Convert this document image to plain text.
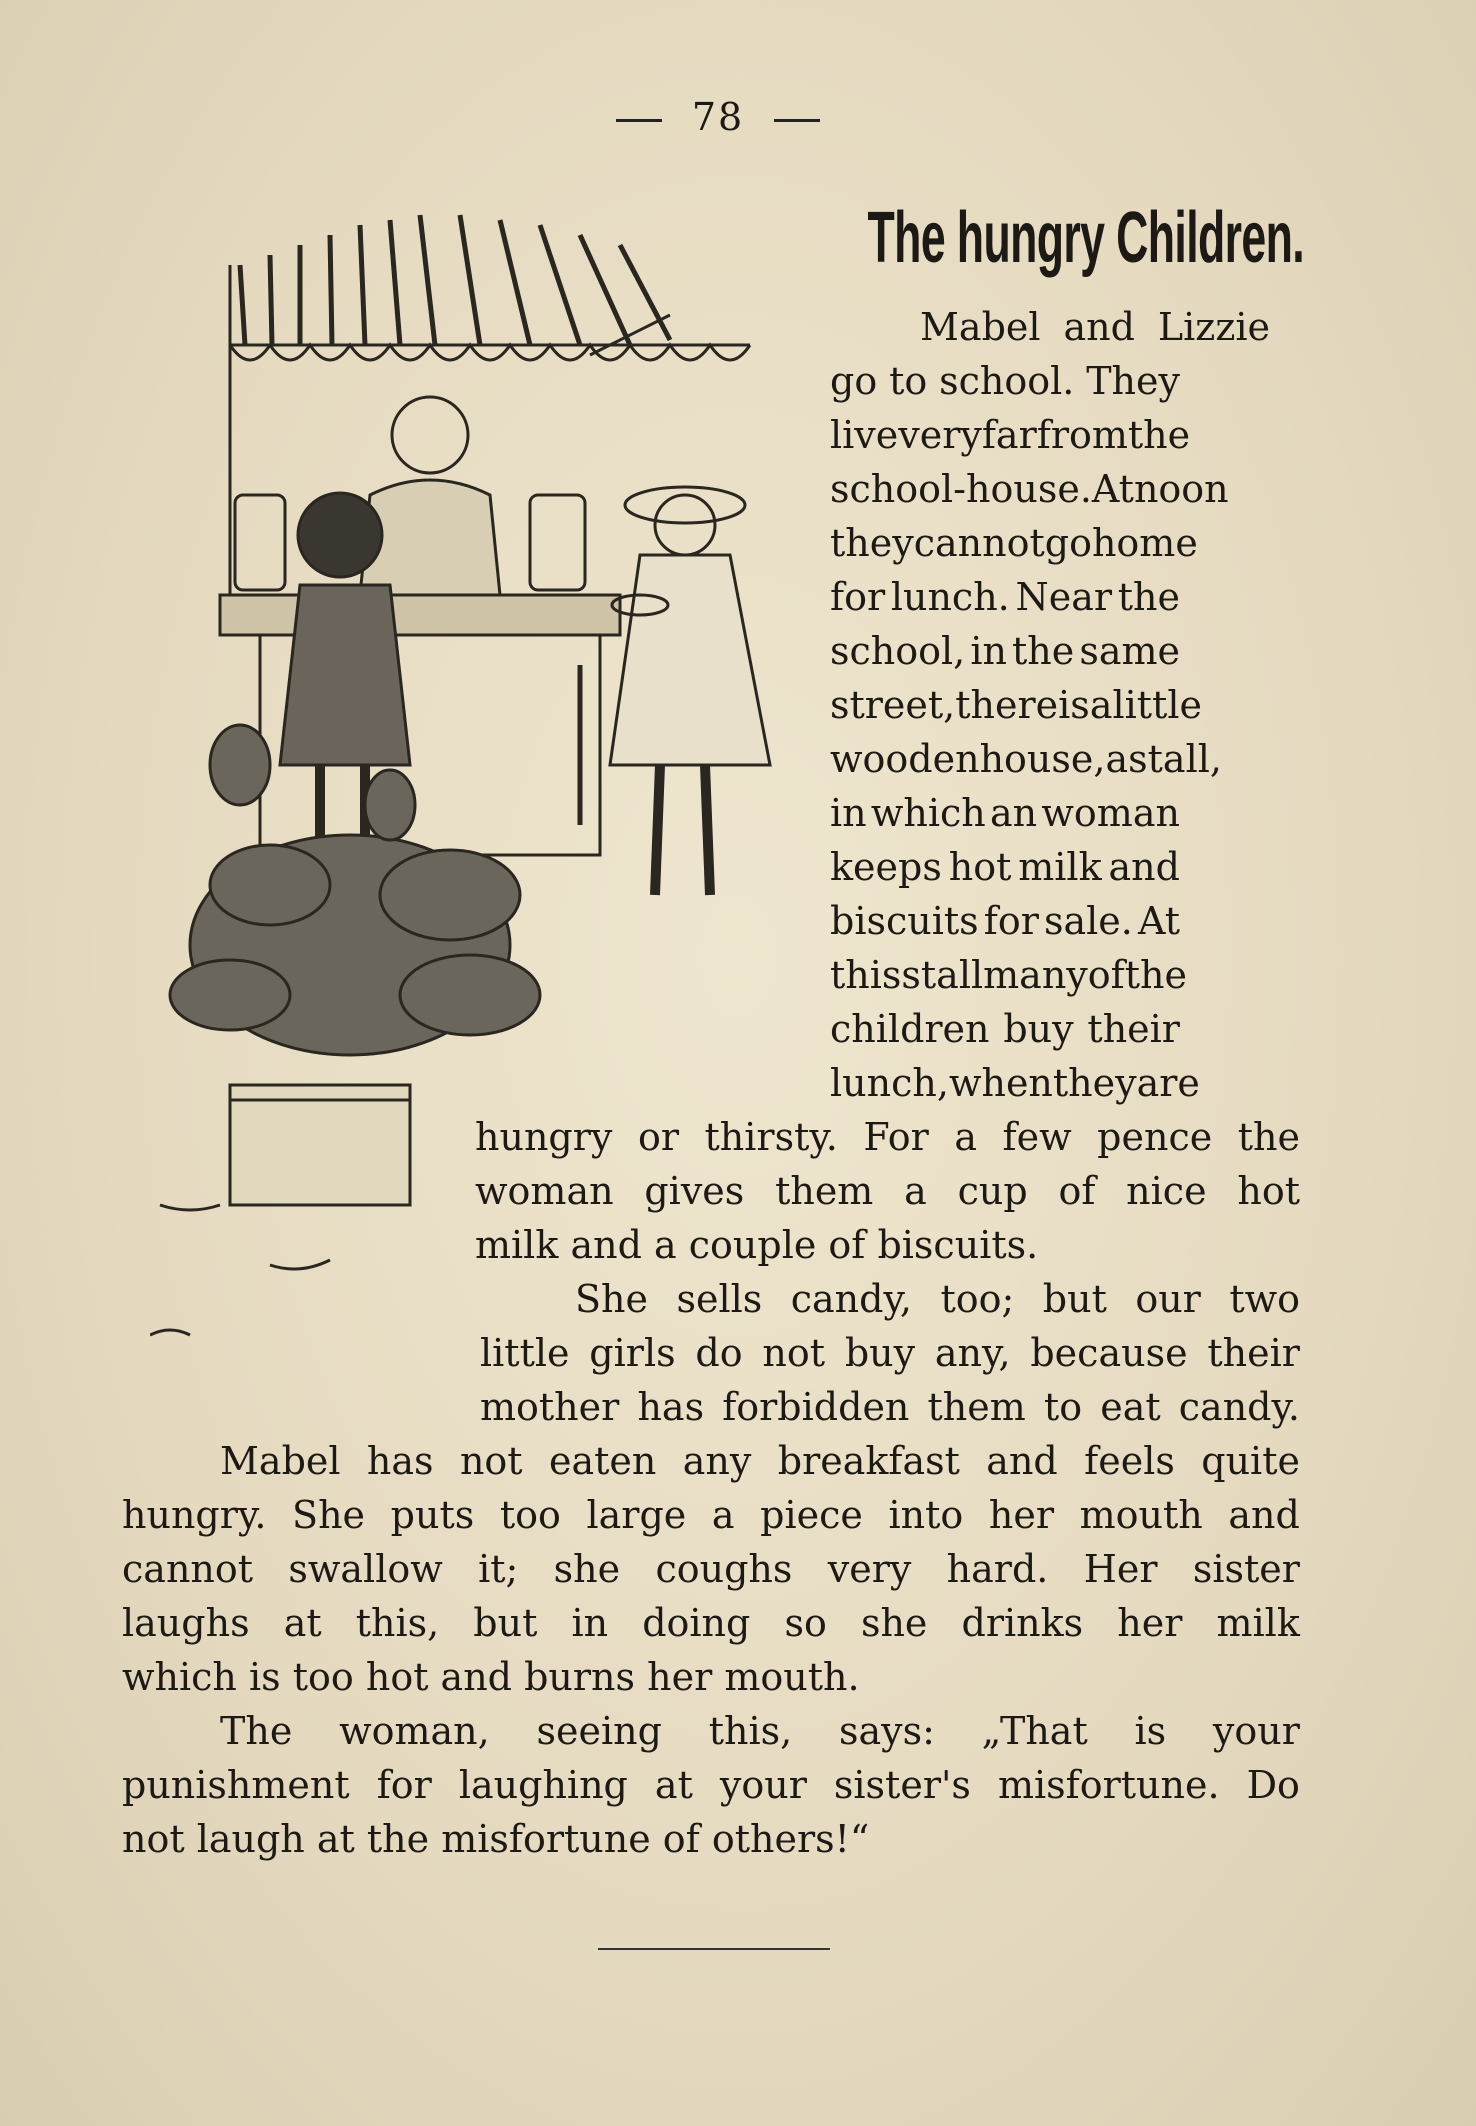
78
The hungry Children.
Mabel and Lizzie
go to school. They
live very far from the
school-house. At noon
they cannot go home
for lunch. Near the
school, in the same
street, there is a little
wooden house, a stall,
in which an woman
keeps hot milk and
biscuits for sale. At
this stall many of the
children buy their
lunch, when they are
hungry or thirsty. For a few pence the
woman gives them a cup of nice hot
milk and a couple of biscuits.
She sells candy, too; but our two
little girls do not buy any, because their
mother has forbidden them to eat candy.
Mabel has not eaten any breakfast and feels quite
hungry. She puts too large a piece into her mouth and
cannot swallow it; she coughs very hard. Her sister
laughs at this, but in doing so she drinks her milk
which is too hot and burns her mouth.
The woman, seeing this, says: „That is your
punishment for laughing at your sister's misfortune. Do
not laugh at the misfortune of others!“
